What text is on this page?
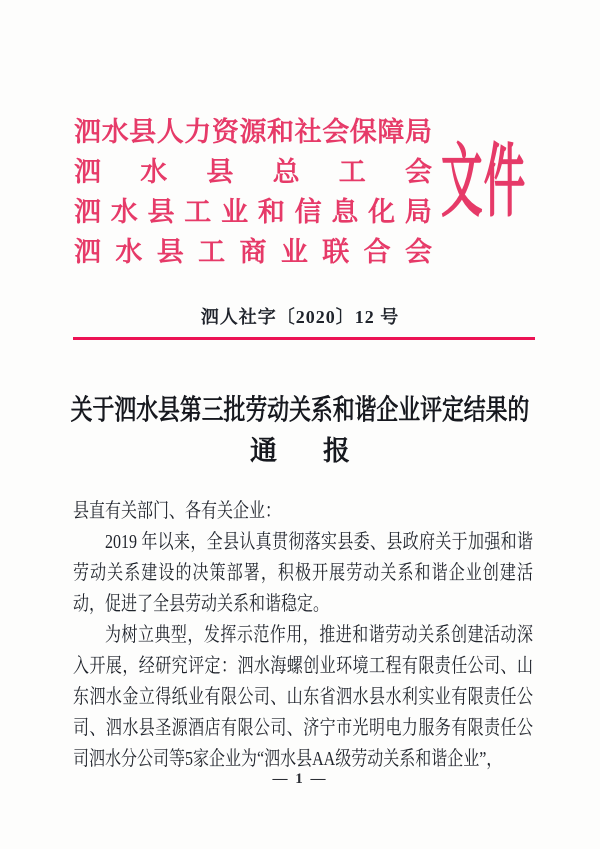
泗 水 县 人 力 资 源 和 社 会 保 障 局
泗 水 县 总 工 会
泗 水 县 工 业 和 信 息 化 局
泗 水 县 工 商 业 联 合 会
文件
泗人社字〔2020〕12 号
关于泗水县第三批劳动关系和谐企业评定结果的
通 报

县直有关部门、各有关企业：

2019 年以来，全县认真贯彻落实县委、县政府关于加强和谐劳动关系建设的决策部署，积极开展劳动关系和谐企业创建活动，促进了全县劳动关系和谐稳定。

为树立典型，发挥示范作用，推进和谐劳动关系创建活动深入开展，经研究评定：泗水海螺创业环境工程有限责任公司、山东泗水金立得纸业有限公司、山东省泗水县水利实业有限责任公司、泗水县圣源酒店有限公司、济宁市光明电力服务有限责任公司泗水分公司等5家企业为“泗水县AA级劳动关系和谐企业”，

— 1 —
